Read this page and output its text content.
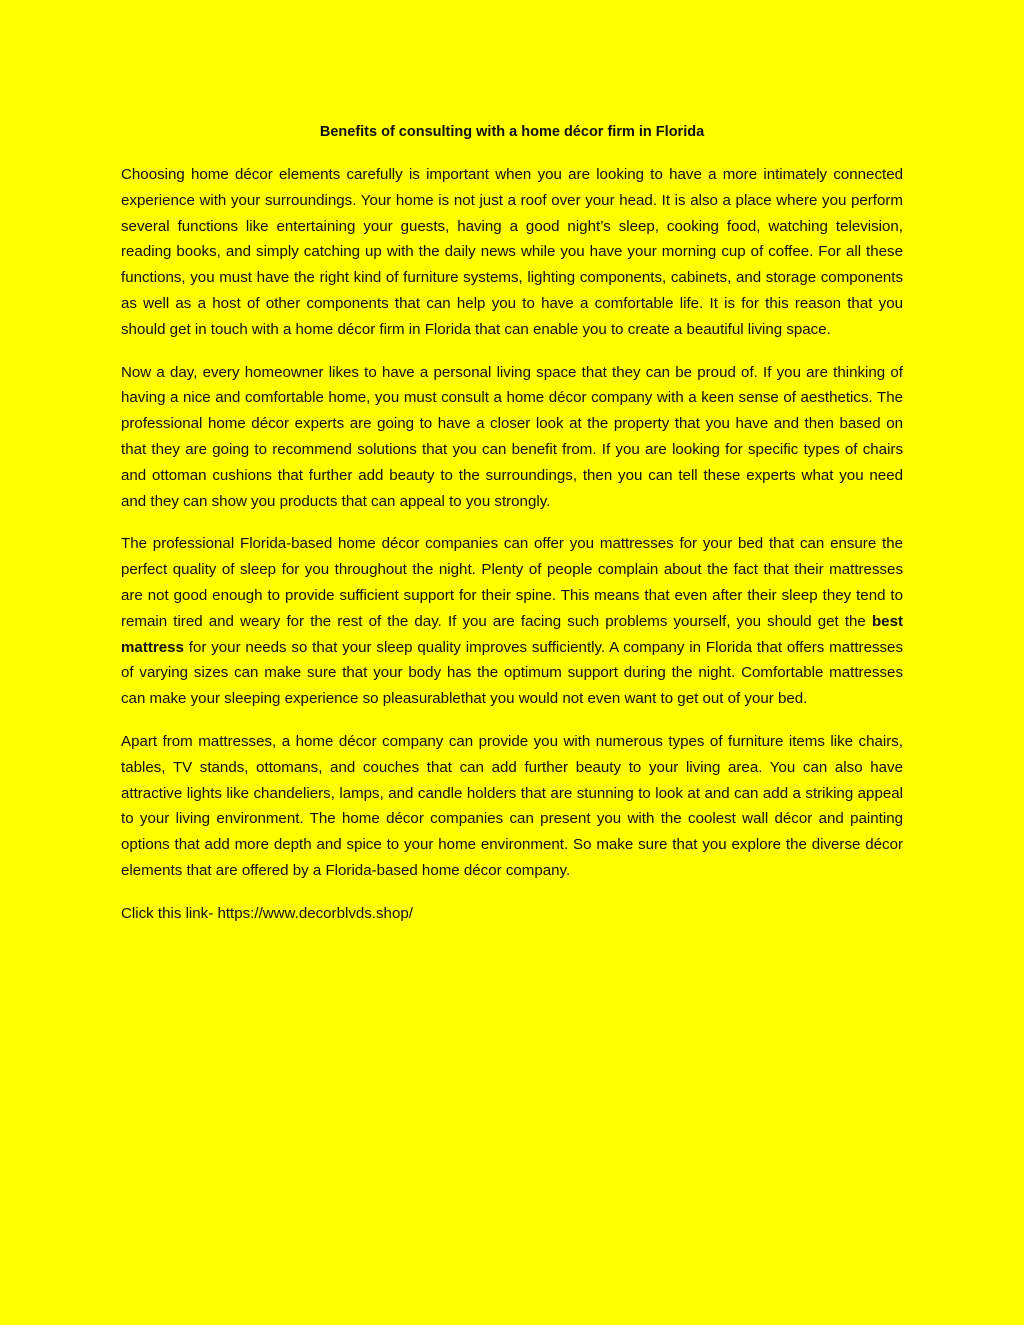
Benefits of consulting with a home décor firm in Florida

Choosing home décor elements carefully is important when you are looking to have a more intimately connected experience with your surroundings. Your home is not just a roof over your head. It is also a place where you perform several functions like entertaining your guests, having a good night’s sleep, cooking food, watching television, reading books, and simply catching up with the daily news while you have your morning cup of coffee. For all these functions, you must have the right kind of furniture systems, lighting components, cabinets, and storage components as well as a host of other components that can help you to have a comfortable life. It is for this reason that you should get in touch with a home décor firm in Florida that can enable you to create a beautiful living space.

Now a day, every homeowner likes to have a personal living space that they can be proud of. If you are thinking of having a nice and comfortable home, you must consult a home décor company with a keen sense of aesthetics. The professional home décor experts are going to have a closer look at the property that you have and then based on that they are going to recommend solutions that you can benefit from. If you are looking for specific types of chairs and ottoman cushions that further add beauty to the surroundings, then you can tell these experts what you need and they can show you products that can appeal to you strongly.

The professional Florida-based home décor companies can offer you mattresses for your bed that can ensure the perfect quality of sleep for you throughout the night. Plenty of people complain about the fact that their mattresses are not good enough to provide sufficient support for their spine. This means that even after their sleep they tend to remain tired and weary for the rest of the day. If you are facing such problems yourself, you should get the best mattress for your needs so that your sleep quality improves sufficiently. A company in Florida that offers mattresses of varying sizes can make sure that your body has the optimum support during the night. Comfortable mattresses can make your sleeping experience so pleasurablethat you would not even want to get out of your bed.

Apart from mattresses, a home décor company can provide you with numerous types of furniture items like chairs, tables, TV stands, ottomans, and couches that can add further beauty to your living area. You can also have attractive lights like chandeliers, lamps, and candle holders that are stunning to look at and can add a striking appeal to your living environment. The home décor companies can present you with the coolest wall décor and painting options that add more depth and spice to your home environment. So make sure that you explore the diverse décor elements that are offered by a Florida-based home décor company.

Click this link- https://www.decorblvds.shop/
